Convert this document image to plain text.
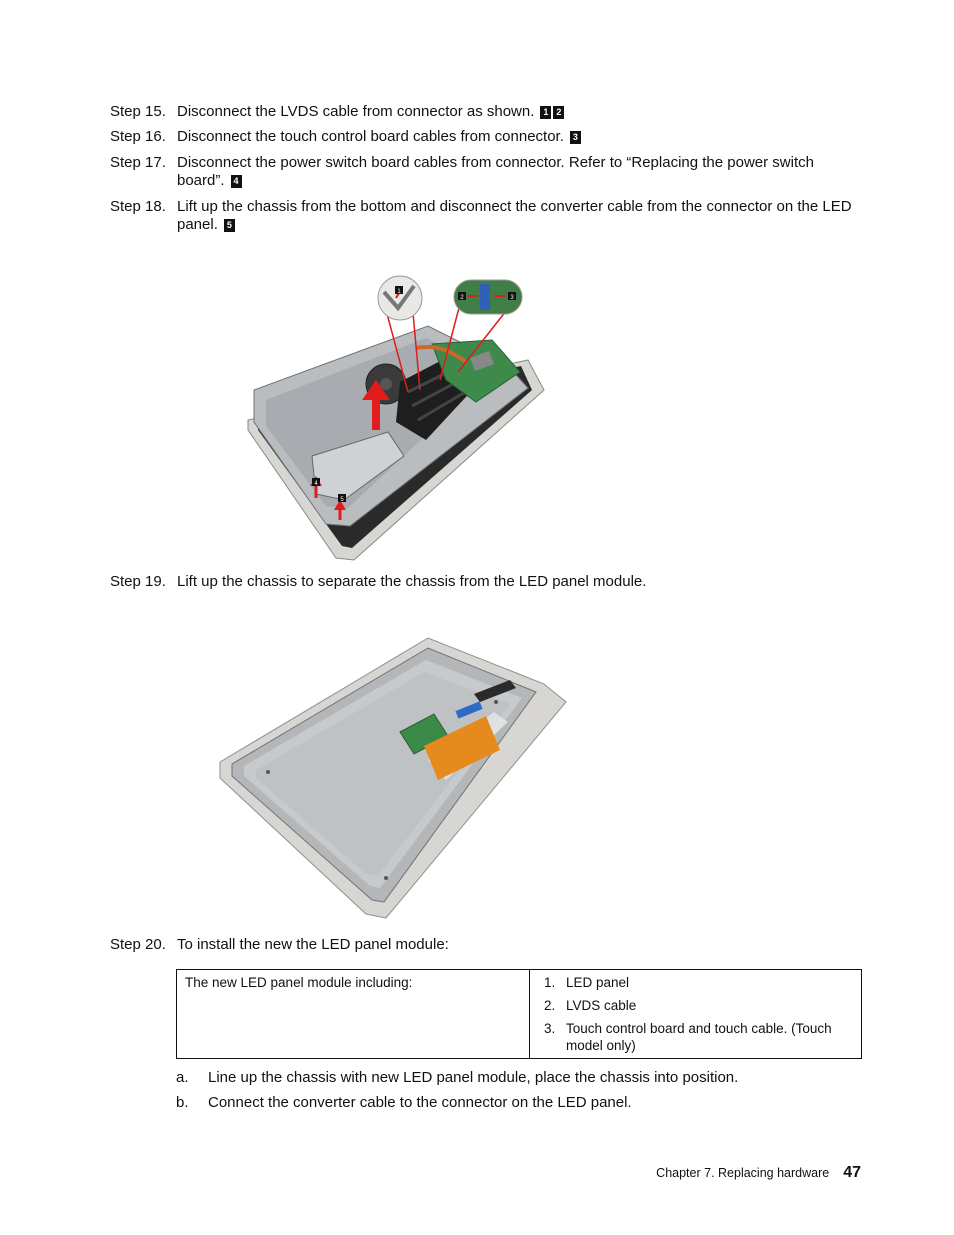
Step 15. Disconnect the LVDS cable from connector as shown. 1 2
Step 16. Disconnect the touch control board cables from connector. 3
Step 17. Disconnect the power switch board cables from connector. Refer to “Replacing the power switch board”. 4
Step 18. Lift up the chassis from the bottom and disconnect the converter cable from the connector on the LED panel. 5
1
2	3
4
5
Step 19. Lift up the chassis to separate the chassis from the LED panel module.
Step 20. To install the new the LED panel module:
The new LED panel module including:	1. LED panel
2. LVDS cable
3. Touch control board and touch cable. (Touch model only)
a. Line up the chassis with new LED panel module, place the chassis into position.
b. Connect the converter cable to the connector on the LED panel.
Chapter 7. Replacing hardware 47
